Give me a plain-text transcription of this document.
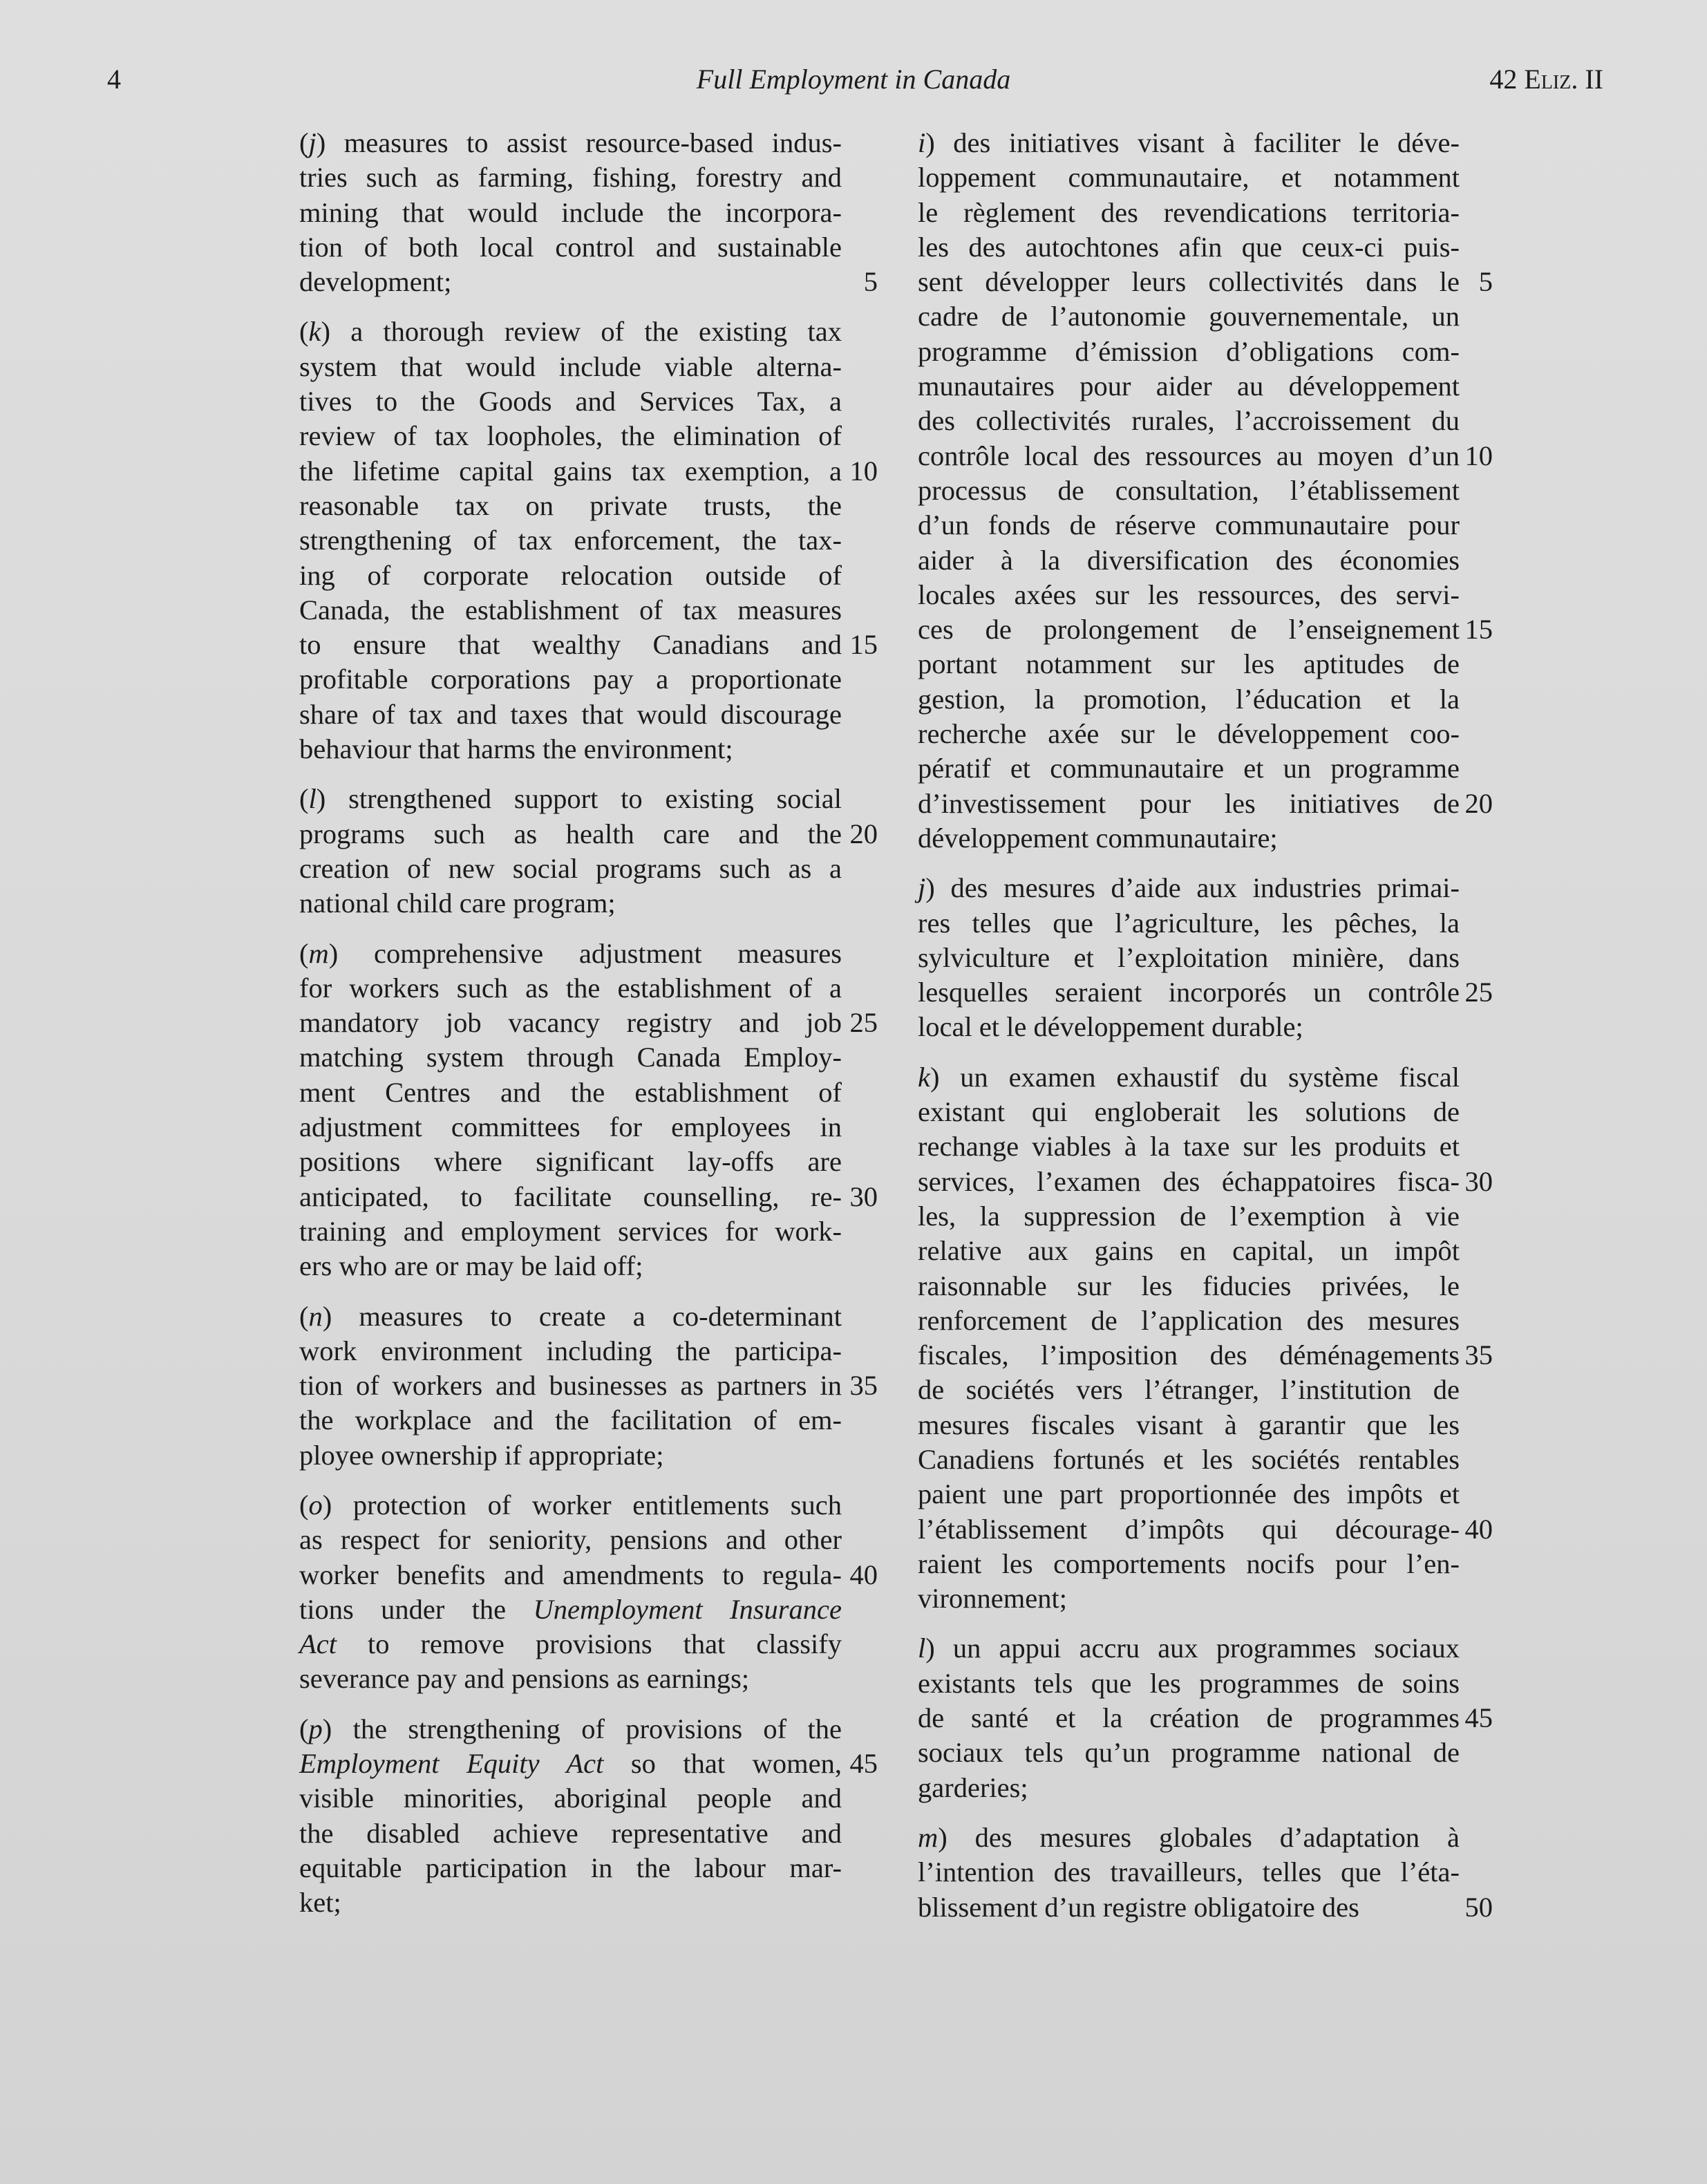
4	Full Employment in Canada	42 Eliz. II
(j) measures to assist resource-based indus-
tries such as farming, fishing, forestry and
mining that would include the incorpora-
tion of both local control and sustainable
development;	5
(k) a thorough review of the existing tax
system that would include viable alterna-
tives to the Goods and Services Tax, a
review of tax loopholes, the elimination of
the lifetime capital gains tax exemption, a 10
reasonable tax on private trusts, the
strengthening of tax enforcement, the tax-
ing of corporate relocation outside of
Canada, the establishment of tax measures
to ensure that wealthy Canadians and 15
profitable corporations pay a proportionate
share of tax and taxes that would discourage
behaviour that harms the environment;
(l) strengthened support to existing social
programs such as health care and the 20
creation of new social programs such as a
national child care program;
(m) comprehensive adjustment measures
for workers such as the establishment of a
mandatory job vacancy registry and job 25
matching system through Canada Employ-
ment Centres and the establishment of
adjustment committees for employees in
positions where significant lay-offs are
anticipated, to facilitate counselling, re- 30
training and employment services for work-
ers who are or may be laid off;
(n) measures to create a co-determinant
work environment including the participa-
tion of workers and businesses as partners in 35
the workplace and the facilitation of em-
ployee ownership if appropriate;
(o) protection of worker entitlements such
as respect for seniority, pensions and other
worker benefits and amendments to regula- 40
tions under the Unemployment Insurance
Act to remove provisions that classify
severance pay and pensions as earnings;
(p) the strengthening of provisions of the
Employment Equity Act so that women, 45
visible minorities, aboriginal people and
the disabled achieve representative and
equitable participation in the labour mar-
ket;
i) des initiatives visant à faciliter le déve-
loppement communautaire, et notamment
le règlement des revendications territoria-
les des autochtones afin que ceux-ci puis-
sent développer leurs collectivités dans le 5
cadre de l’autonomie gouvernementale, un
programme d’émission d’obligations com-
munautaires pour aider au développement
des collectivités rurales, l’accroissement du
contrôle local des ressources au moyen d’un 10
processus de consultation, l’établissement
d’un fonds de réserve communautaire pour
aider à la diversification des économies
locales axées sur les ressources, des servi-
ces de prolongement de l’enseignement 15
portant notamment sur les aptitudes de
gestion, la promotion, l’éducation et la
recherche axée sur le développement coo-
pératif et communautaire et un programme
d’investissement pour les initiatives de 20
développement communautaire;
j) des mesures d’aide aux industries primai-
res telles que l’agriculture, les pêches, la
sylviculture et l’exploitation minière, dans
lesquelles seraient incorporés un contrôle 25
local et le développement durable;
k) un examen exhaustif du système fiscal
existant qui engloberait les solutions de
rechange viables à la taxe sur les produits et
services, l’examen des échappatoires fisca- 30
les, la suppression de l’exemption à vie
relative aux gains en capital, un impôt
raisonnable sur les fiducies privées, le
renforcement de l’application des mesures
fiscales, l’imposition des déménagements 35
de sociétés vers l’étranger, l’institution de
mesures fiscales visant à garantir que les
Canadiens fortunés et les sociétés rentables
paient une part proportionnée des impôts et
l’établissement d’impôts qui décourage- 40
raient les comportements nocifs pour l’en-
vironnement;
l) un appui accru aux programmes sociaux
existants tels que les programmes de soins
de santé et la création de programmes 45
sociaux tels qu’un programme national de
garderies;
m) des mesures globales d’adaptation à
l’intention des travailleurs, telles que l’éta-
blissement d’un registre obligatoire des	50
